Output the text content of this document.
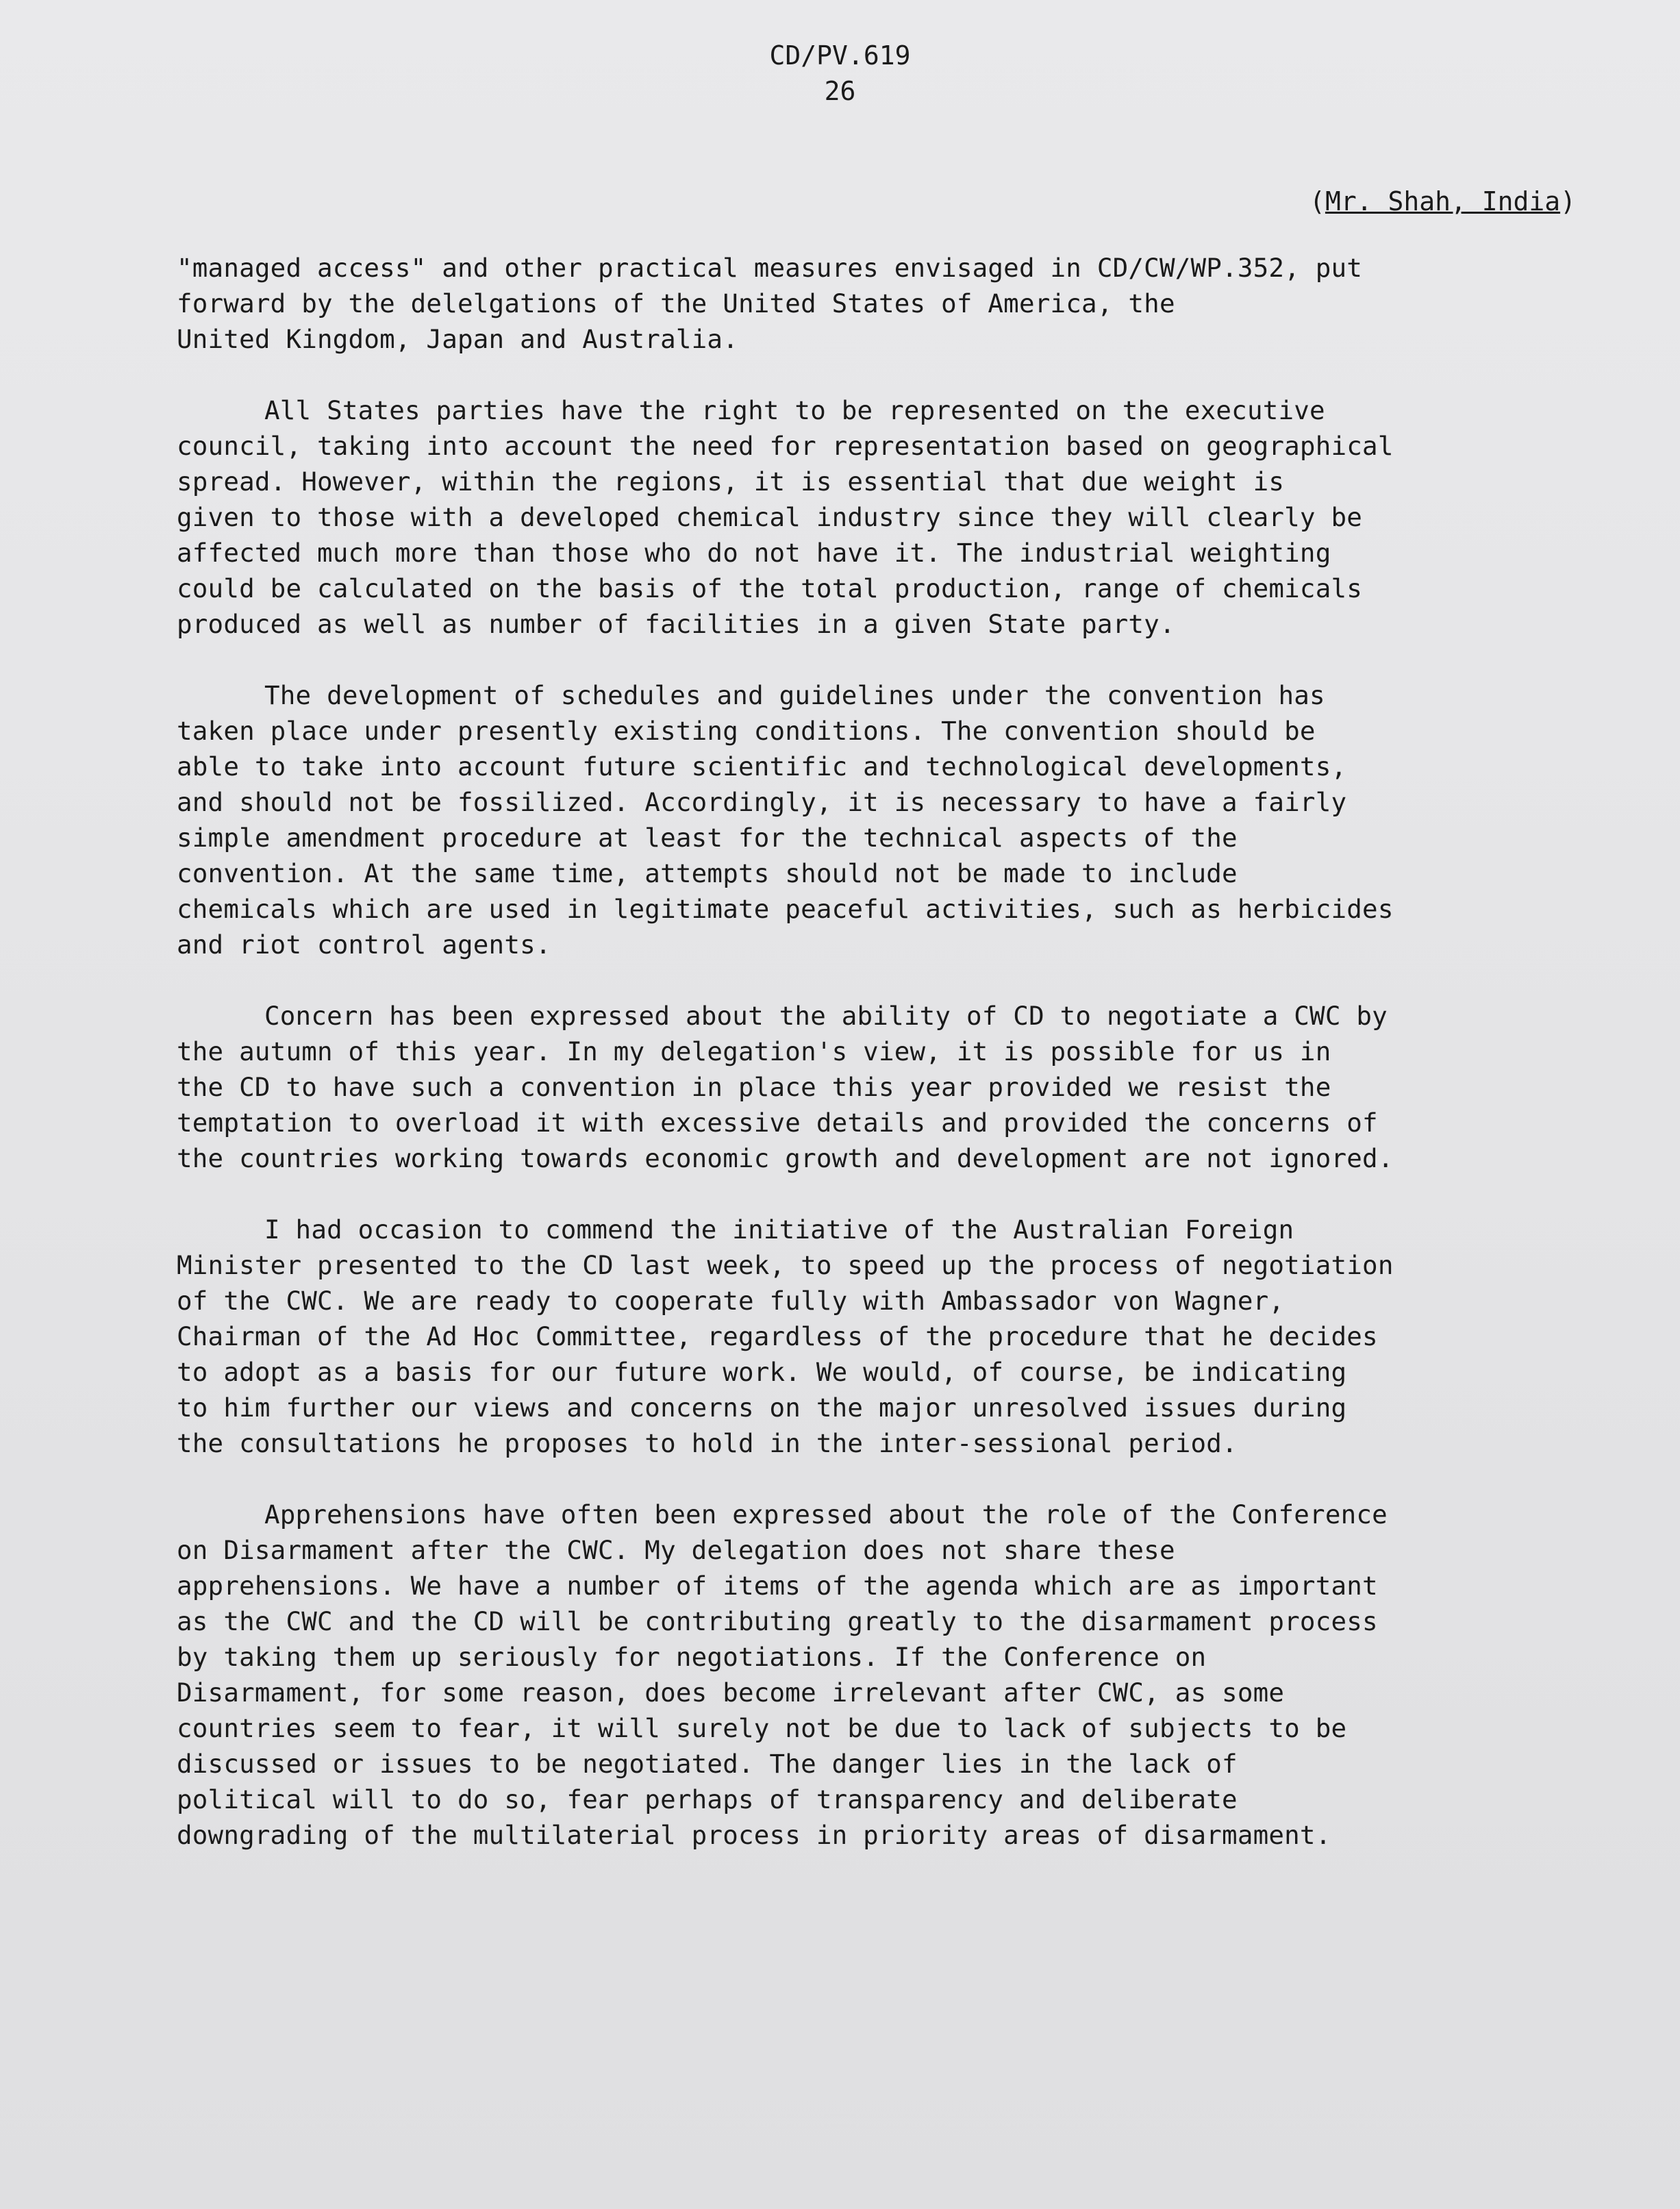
CD/PV.619
26
(Mr. Shah, India)

"managed access" and other practical measures envisaged in CD/CW/WP.352, put
forward by the delelgations of the United States of America, the
United Kingdom, Japan and Australia.

All States parties have the right to be represented on the executive
council, taking into account the need for representation based on geographical
spread. However, within the regions, it is essential that due weight is
given to those with a developed chemical industry since they will clearly be
affected much more than those who do not have it. The industrial weighting
could be calculated on the basis of the total production, range of chemicals
produced as well as number of facilities in a given State party.

The development of schedules and guidelines under the convention has
taken place under presently existing conditions. The convention should be
able to take into account future scientific and technological developments,
and should not be fossilized. Accordingly, it is necessary to have a fairly
simple amendment procedure at least for the technical aspects of the
convention. At the same time, attempts should not be made to include
chemicals which are used in legitimate peaceful activities, such as herbicides
and riot control agents.

Concern has been expressed about the ability of CD to negotiate a CWC by
the autumn of this year. In my delegation's view, it is possible for us in
the CD to have such a convention in place this year provided we resist the
temptation to overload it with excessive details and provided the concerns of
the countries working towards economic growth and development are not ignored.

I had occasion to commend the initiative of the Australian Foreign
Minister presented to the CD last week, to speed up the process of negotiation
of the CWC. We are ready to cooperate fully with Ambassador von Wagner,
Chairman of the Ad Hoc Committee, regardless of the procedure that he decides
to adopt as a basis for our future work. We would, of course, be indicating
to him further our views and concerns on the major unresolved issues during
the consultations he proposes to hold in the inter-sessional period.

Apprehensions have often been expressed about the role of the Conference
on Disarmament after the CWC. My delegation does not share these
apprehensions. We have a number of items of the agenda which are as important
as the CWC and the CD will be contributing greatly to the disarmament process
by taking them up seriously for negotiations. If the Conference on
Disarmament, for some reason, does become irrelevant after CWC, as some
countries seem to fear, it will surely not be due to lack of subjects to be
discussed or issues to be negotiated. The danger lies in the lack of
political will to do so, fear perhaps of transparency and deliberate
downgrading of the multilaterial process in priority areas of disarmament.
